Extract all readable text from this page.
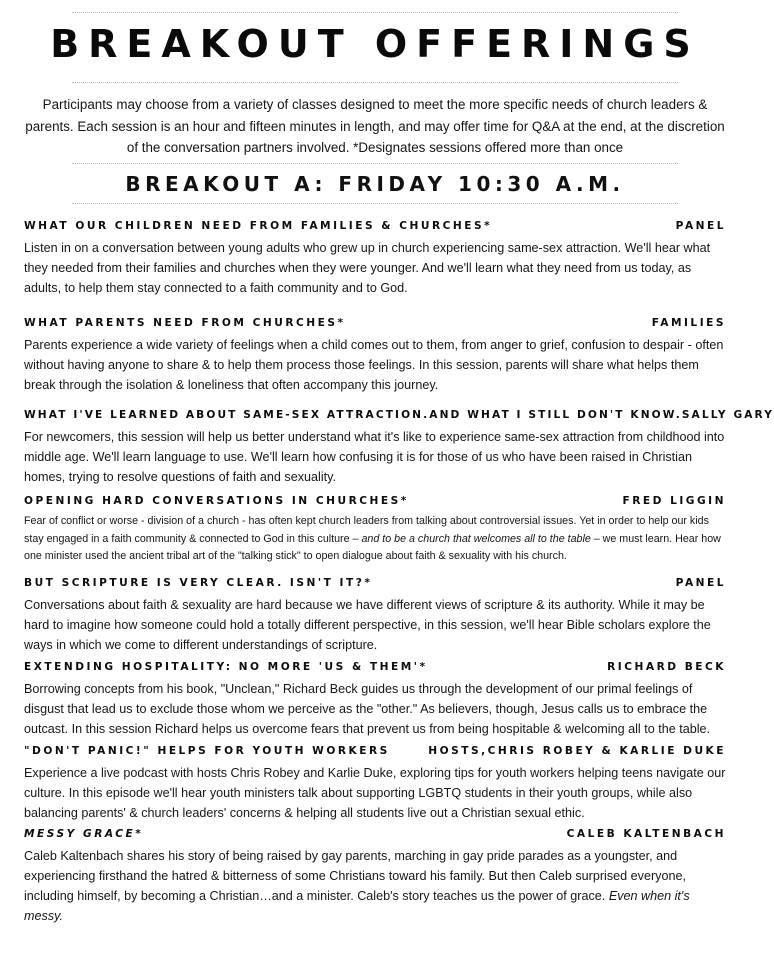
BREAKOUT OFFERINGS

Participants may choose from a variety of classes designed to meet the more specific needs of church leaders & parents. Each session is an hour and fifteen minutes in length, and may offer time for Q&A at the end, at the discretion of the conversation partners involved. *Designates sessions offered more than once

BREAKOUT A: FRIDAY 10:30 A.M.
WHAT OUR CHILDREN NEED FROM FAMILIES & CHURCHES*	PANEL

Listen in on a conversation between young adults who grew up in church experiencing same-sex attraction. We'll hear what they needed from their families and churches when they were younger. And we'll learn what they need from us today, as adults, to help them stay connected to a faith community and to God.

WHAT PARENTS NEED FROM CHURCHES*	FAMILIES

Parents experience a wide variety of feelings when a child comes out to them, from anger to grief, confusion to despair - often without having anyone to share & to help them process those feelings. In this session, parents will share what helps them break through the isolation & loneliness that often accompany this journey.

WHAT I'VE LEARNED ABOUT SAME-SEX ATTRACTION.AND WHAT I STILL DON'T KNOW. SALLY GARY

For newcomers, this session will help us better understand what it's like to experience same-sex attraction from childhood into middle age. We'll learn language to use. We'll learn how confusing it is for those of us who have been raised in Christian homes, trying to resolve questions of faith and sexuality.

OPENING HARD CONVERSATIONS IN CHURCHES*	FRED LIGGIN

Fear of conflict or worse - division of a church - has often kept church leaders from talking about controversial issues. Yet in order to help our kids stay engaged in a faith community & connected to God in this culture – and to be a church that welcomes all to the table – we must learn. Hear how one minister used the ancient tribal art of the "talking stick" to open dialogue about faith & sexuality with his church.

BUT SCRIPTURE IS VERY CLEAR. ISN'T IT?*	PANEL

Conversations about faith & sexuality are hard because we have different views of scripture & its authority. While it may be hard to imagine how someone could hold a totally different perspective, in this session, we'll hear Bible scholars explore the ways in which we come to different understandings of scripture.

EXTENDING HOSPITALITY: NO MORE 'US & THEM'*	RICHARD BECK

Borrowing concepts from his book, "Unclean," Richard Beck guides us through the development of our primal feelings of disgust that lead us to exclude those whom we perceive as the "other." As believers, though, Jesus calls us to embrace the outcast. In this session Richard helps us overcome fears that prevent us from being hospitable & welcoming all to the table.

"DON'T PANIC!" HELPS FOR YOUTH WORKERS	HOSTS,CHRIS ROBEY & KARLIE DUKE

Experience a live podcast with hosts Chris Robey and Karlie Duke, exploring tips for youth workers helping teens navigate our culture. In this episode we'll hear youth ministers talk about supporting LGBTQ students in their youth groups, while also balancing parents' & church leaders' concerns & helping all students live out a Christian sexual ethic.

MESSY GRACE*	CALEB KALTENBACH

Caleb Kaltenbach shares his story of being raised by gay parents, marching in gay pride parades as a youngster, and experiencing firsthand the hatred & bitterness of some Christians toward his family. But then Caleb surprised everyone, including himself, by becoming a Christian…and a minister. Caleb's story teaches us the power of grace. Even when it's messy.
